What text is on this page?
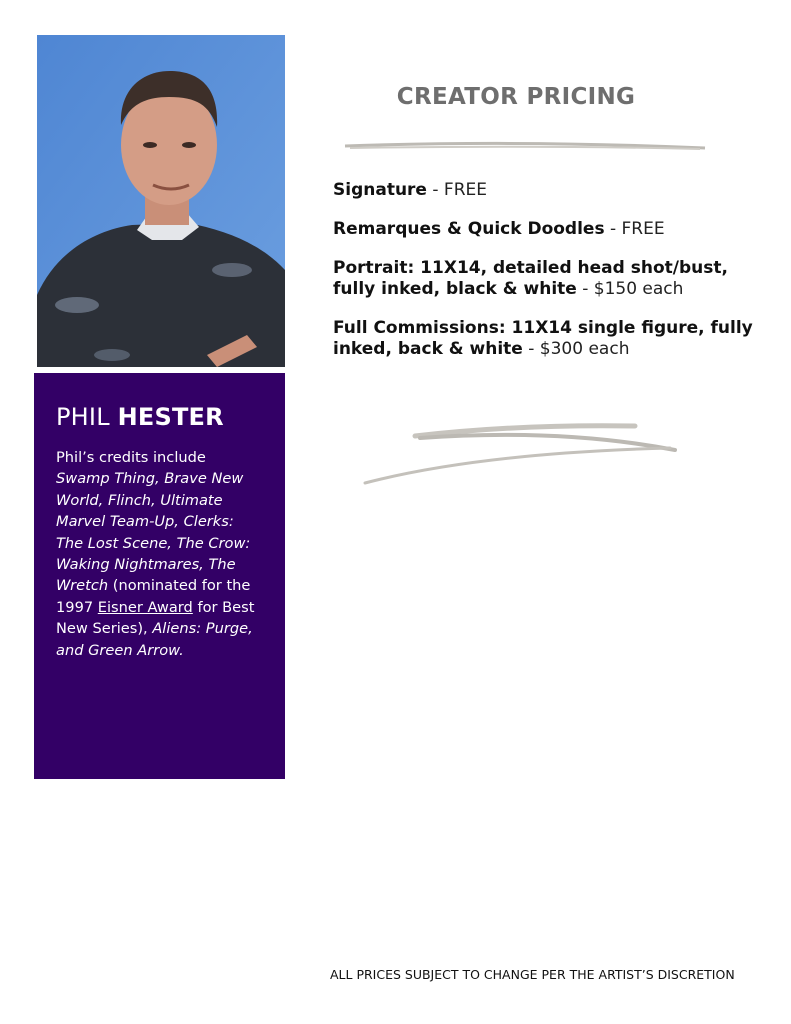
PHIL HESTER

Phil’s credits include Swamp Thing, Brave New World, Flinch, Ultimate Marvel Team-Up, Clerks: The Lost Scene, The Crow: Waking Nightmares, The Wretch (nominated for the 1997 Eisner Award for Best New Series), Aliens: Purge, and Green Arrow.

CREATOR PRICING
Signature - FREE
Remarques & Quick Doodles - FREE
Portrait: 11X14, detailed head shot/bust, fully inked, black & white - $150 each
Full Commissions: 11X14 single figure, fully inked, back & white - $300 each

ALL PRICES SUBJECT TO CHANGE PER THE ARTIST’S DISCRETION
